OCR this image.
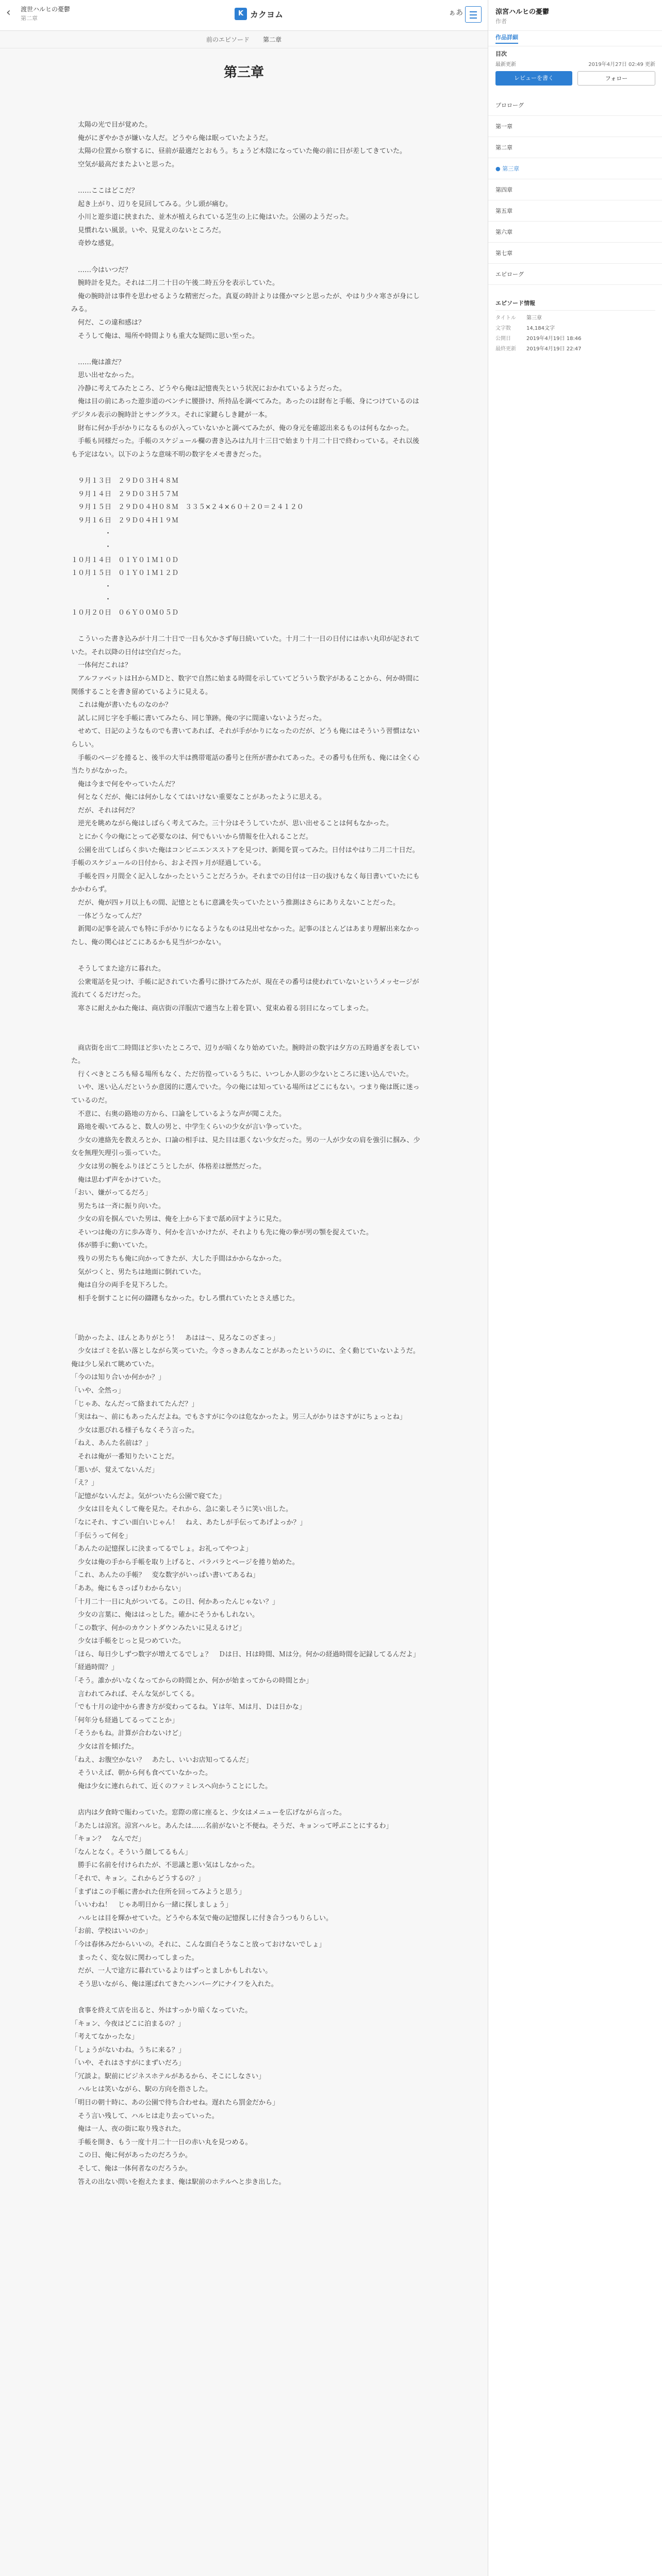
‹	渡世ハルヒの憂鬱
第二章
K カクヨム	ぁあ
前のエピソード 第二章
第三章

　太陽の光で目が覚めた。

　俺がにぎやかさが嫌いな人だ。どうやら俺は眠っていたようだ。

　太陽の位置から察するに、昼前が最適だとおもう。ちょうど木陰になっていた俺の前に日が差してきていた。

　空気が最高だまたよいと思った。

　……ここはどこだ？

　起き上がり、辺りを見回してみる。少し頭が痛む。

　小川と遊歩道に挟まれた、並木が植えられている芝生の上に俺はいた。公園のようだった。

　見慣れない風景。いや、見覚えのないところだ。

　奇妙な感覚。

　……今はいつだ？

　腕時計を見た。それは二月二十日の午後二時五分を表示していた。

　俺の腕時計は事件を思わせるような精密だった。真夏の時計よりは僅かマシと思ったが、やはり少々寒さが身にしみる。

　何だ、この違和感は？

　そうして俺は、場所や時間よりも重大な疑問に思い至った。

　……俺は誰だ？

　思い出せなかった。

　冷静に考えてみたところ、どうやら俺は記憶喪失という状況におかれているようだった。

　俺は目の前にあった遊歩道のベンチに腰掛け、所持品を調べてみた。あったのは財布と手帳、身につけているのはデジタル表示の腕時計とサングラス。それに家鍵らしき鍵が一本。

　財布に何か手がかりになるものが入っていないかと調べてみたが、俺の身元を確認出来るものは何もなかった。

　手帳も同様だった。手帳のスケジュール欄の書き込みは九月十三日で始まり十月二十日で終わっている。それ以後も予定はない。以下のような意味不明の数字をメモ書きだった。

　９月１３日　２９Ｄ０３Ｈ４８Ｍ

　９月１４日　２９Ｄ０３Ｈ５７Ｍ

　９月１５日　２９Ｄ０４Ｈ０８Ｍ　３３５×２４×６０＋２０＝２４１２０

　９月１６日　２９Ｄ０４Ｈ１９Ｍ

　　　　　・

　　　　　・

１０月１４日　０１Ｙ０１Ｍ１０Ｄ

１０月１５日　０１Ｙ０１Ｍ１２Ｄ

　　　　　・

　　　　　・

１０月２０日　０６Ｙ００Ｍ０５Ｄ

　こういった書き込みが十月二十日で一日も欠かさず毎日続いていた。十月二十一日の日付には赤い丸印が記されていた。それ以降の日付は空白だった。

　一体何だこれは？

　アルファベットはＨからＭＤと、数字で自然に始まる時間を示していてどういう数字があることから、何か時間に関係することを書き留めているように見える。

　これは俺が書いたものなのか？

　試しに同じ字を手帳に書いてみたら、同じ筆跡。俺の字に間違いないようだった。

　せめて、日記のようなものでも書いてあれば、それが手がかりになったのだが、どうも俺にはそういう習慣はないらしい。

　手帳のページを捲ると、後半の大半は携帯電話の番号と住所が書かれてあった。その番号も住所も、俺には全く心当たりがなかった。

　俺は今まで何をやっていたんだ？

　何となくだが、俺には何かしなくてはいけない重要なことがあったように思える。

　だが、それは何だ？

　逆光を眺めながら俺はしばらく考えてみた。三十分はそうしていたが、思い出せることは何もなかった。

　とにかく今の俺にとって必要なのは、何でもいいから情報を仕入れることだ。

　公園を出てしばらく歩いた俺はコンビニエンスストアを見つけ、新聞を買ってみた。日付はやはり二月二十日だ。手帳のスケジュールの日付から、およそ四ヶ月が経過している。

　手帳を四ヶ月間全く記入しなかったということだろうか。それまでの日付は一日の抜けもなく毎日書いていたにもかかわらず。

　だが、俺が四ヶ月以上もの間、記憶とともに意識を失っていたという推測はさらにありえないことだった。

　一体どうなってんだ？

　新聞の記事を読んでも特に手がかりになるようなものは見出せなかった。記事のほとんどはあまり理解出来なかったし、俺の関心はどこにあるかも見当がつかない。

　そうしてまた途方に暮れた。

　公衆電話を見つけ、手帳に記されていた番号に掛けてみたが、現在その番号は使われていないというメッセージが流れてくるだけだった。

　寒さに耐えかねた俺は、商店街の洋服店で適当な上着を買い、覚束ぬ着る羽目になってしまった。

　商店街を出て二時間ほど歩いたところで、辺りが暗くなり始めていた。腕時計の数字は夕方の五時過ぎを表していた。

　行くべきところも帰る場所もなく、ただ彷徨っているうちに、いつしか人影の少ないところに迷い込んでいた。

　いや、迷い込んだというか意図的に選んでいた。今の俺には知っている場所はどこにもない。つまり俺は既に迷っているのだ。

　不意に、右奥の路地の方から、口論をしているような声が聞こえた。

　路地を覗いてみると、数人の男と、中学生くらいの少女が言い争っていた。

　少女の連絡先を教えろとか、口論の相手は、見た目は悪くない少女だった。男の一人が少女の肩を強引に掴み、少女を無理矢理引っ張っていた。

　少女は男の腕をふりほどこうとしたが、体格差は歴然だった。

　俺は思わず声をかけていた。

「おい、嫌がってるだろ」

　男たちは一斉に振り向いた。

　少女の肩を掴んでいた男は、俺を上から下まで舐め回すように見た。

　そいつは俺の方に歩み寄り、何かを言いかけたが、それよりも先に俺の拳が男の顎を捉えていた。

　体が勝手に動いていた。

　残りの男たちも俺に向かってきたが、大した手間はかからなかった。

　気がつくと、男たちは地面に倒れていた。

　俺は自分の両手を見下ろした。

　相手を倒すことに何の躊躇もなかった。むしろ慣れていたとさえ感じた。

「助かったよ、ほんとありがとう！　あはは～、見ろなこのざまっ」

　少女はゴミを払い落としながら笑っていた。今さっきあんなことがあったというのに、全く動じていないようだ。俺は少し呆れて眺めていた。

「今のは知り合いか何かか？」

「いや、全然っ」

「じゃあ、なんだって絡まれてたんだ？」

「実はね～、前にもあったんだよね。でもさすがに今のは危なかったよ。男三人がかりはさすがにちょっとね」

　少女は悪びれる様子もなくそう言った。

「ねえ、あんた名前は？」

　それは俺が一番知りたいことだ。

「悪いが、覚えてないんだ」

「え？」

「記憶がないんだよ。気がついたら公園で寝てた」

　少女は目を丸くして俺を見た。それから、急に楽しそうに笑い出した。

「なにそれ、すごい面白いじゃん！　ねえ、あたしが手伝ってあげよっか？」

「手伝うって何を」

「あんたの記憶探しに決まってるでしょ。お礼ってやつよ」

　少女は俺の手から手帳を取り上げると、パラパラとページを捲り始めた。

「これ、あんたの手帳？　変な数字がいっぱい書いてあるね」

「ああ。俺にもさっぱりわからない」

「十月二十一日に丸がついてる。この日、何かあったんじゃない？」

　少女の言葉に、俺ははっとした。確かにそうかもしれない。

「この数字、何かのカウントダウンみたいに見えるけど」

　少女は手帳をじっと見つめていた。

「ほら、毎日少しずつ数字が増えてるでしょ？　Ｄは日、Ｈは時間、Ｍは分。何かの経過時間を記録してるんだよ」

「経過時間？」

「そう。誰かがいなくなってからの時間とか、何かが始まってからの時間とか」

　言われてみれば、そんな気がしてくる。

「でも十月の途中から書き方が変わってるね。Ｙは年、Ｍは月、Ｄは日かな」

「何年分も経過してるってことか」

「そうかもね。計算が合わないけど」

　少女は首を傾げた。

「ねえ、お腹空かない？　あたし、いいお店知ってるんだ」

　そういえば、朝から何も食べていなかった。

　俺は少女に連れられて、近くのファミレスへ向かうことにした。

　店内は夕食時で賑わっていた。窓際の席に座ると、少女はメニューを広げながら言った。

「あたしは涼宮。涼宮ハルヒ。あんたは……名前がないと不便ね。そうだ、キョンって呼ぶことにするわ」

「キョン？　なんでだ」

「なんとなく。そういう顔してるもん」

　勝手に名前を付けられたが、不思議と悪い気はしなかった。

「それで、キョン。これからどうするの？」

「まずはこの手帳に書かれた住所を回ってみようと思う」

「いいわね！　じゃあ明日から一緒に探しましょう」

　ハルヒは目を輝かせていた。どうやら本気で俺の記憶探しに付き合うつもりらしい。

「お前、学校はいいのか」

「今は春休みだからいいの。それに、こんな面白そうなこと放っておけないでしょ」

　まったく、変な奴に関わってしまった。

　だが、一人で途方に暮れているよりはずっとましかもしれない。

　そう思いながら、俺は運ばれてきたハンバーグにナイフを入れた。

　食事を終えて店を出ると、外はすっかり暗くなっていた。

「キョン、今夜はどこに泊まるの？」

「考えてなかったな」

「しょうがないわね。うちに来る？」

「いや、それはさすがにまずいだろ」

「冗談よ。駅前にビジネスホテルがあるから、そこにしなさい」

　ハルヒは笑いながら、駅の方向を指さした。

「明日の朝十時に、あの公園で待ち合わせね。遅れたら罰金だから」

　そう言い残して、ハルヒは走り去っていった。

　俺は一人、夜の街に取り残された。

　手帳を開き、もう一度十月二十一日の赤い丸を見つめる。

　この日、俺に何があったのだろうか。

　そして、俺は一体何者なのだろうか。

　答えの出ない問いを抱えたまま、俺は駅前のホテルへと歩き出した。

涼宮ハルヒの憂鬱
作者
作品詳細
目次
最新更新	2019年4月27日 02:49 更新
レビューを書く	フォロー
プロローグ
第一章
第二章
● 第三章
第四章
第五章
第六章
第七章
エピローグ
エピソード情報
タイトル	第三章
文字数	14,184文字
公開日	2019年4月19日 18:46
最終更新	2019年4月19日 22:47
